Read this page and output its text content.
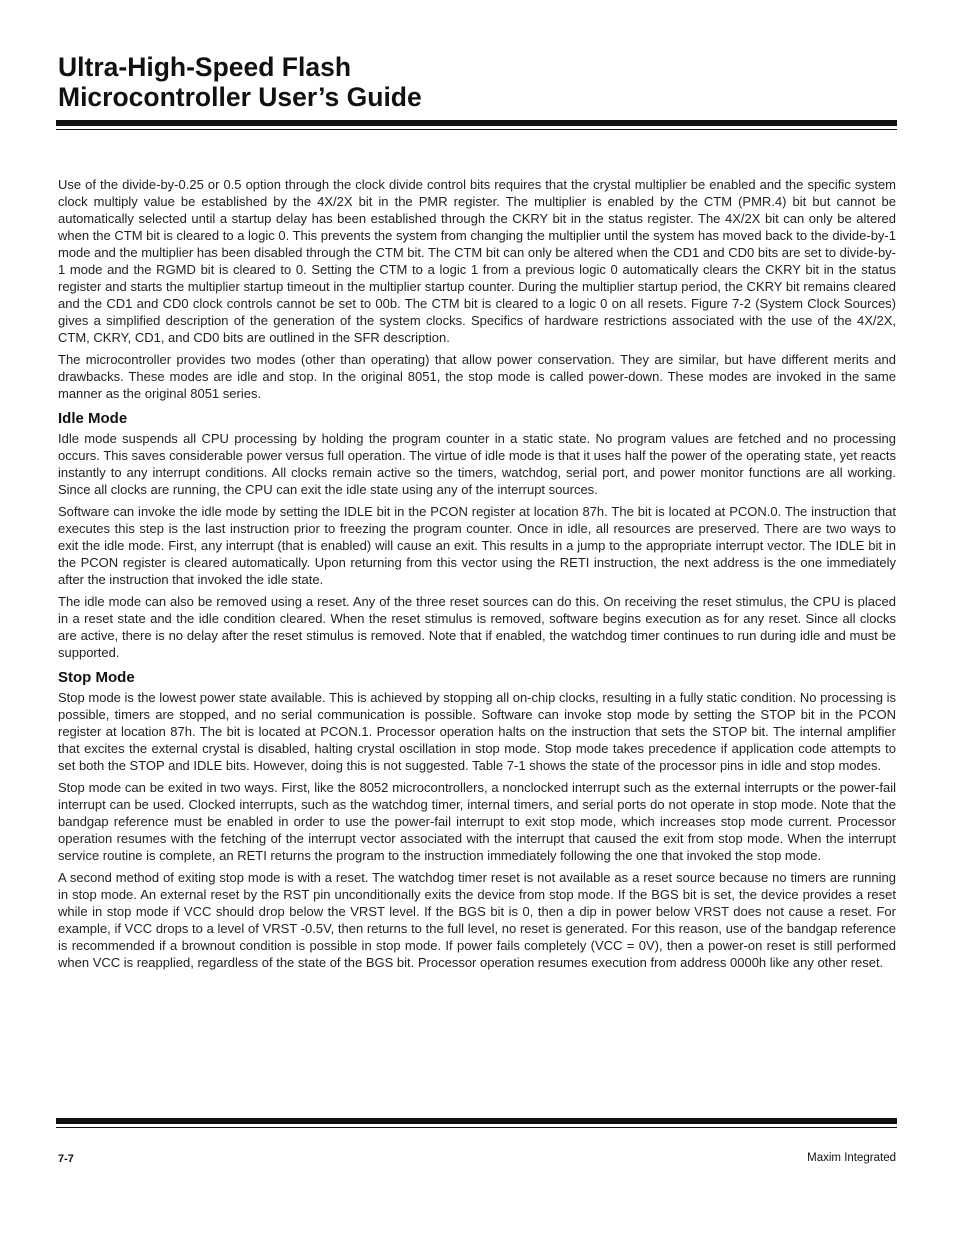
Ultra-High-Speed Flash
Microcontroller User’s Guide

Use of the divide-by-0.25 or 0.5 option through the clock divide control bits requires that the crystal multiplier be enabled and the specific system clock multiply value be established by the 4X/2X bit in the PMR register. The multiplier is enabled by the CTM (PMR.4) bit but cannot be automatically selected until a startup delay has been established through the CKRY bit in the status register. The 4X/2X bit can only be altered when the CTM bit is cleared to a logic 0. This prevents the system from changing the multiplier until the system has moved back to the divide-by-1 mode and the multiplier has been disabled through the CTM bit. The CTM bit can only be altered when the CD1 and CD0 bits are set to divide-by-1 mode and the RGMD bit is cleared to 0. Setting the CTM to a logic 1 from a previous logic 0 automatically clears the CKRY bit in the status register and starts the multiplier startup timeout in the multiplier startup counter. During the multiplier startup period, the CKRY bit remains cleared and the CD1 and CD0 clock controls cannot be set to 00b. The CTM bit is cleared to a logic 0 on all resets. Figure 7-2 (System Clock Sources) gives a simplified description of the generation of the system clocks. Specifics of hardware restrictions associated with the use of the 4X/2X, CTM, CKRY, CD1, and CD0 bits are outlined in the SFR description.

The microcontroller provides two modes (other than operating) that allow power conservation. They are similar, but have different merits and drawbacks. These modes are idle and stop. In the original 8051, the stop mode is called power-down. These modes are invoked in the same manner as the original 8051 series.

Idle Mode

Idle mode suspends all CPU processing by holding the program counter in a static state. No program values are fetched and no processing occurs. This saves considerable power versus full operation. The virtue of idle mode is that it uses half the power of the operating state, yet reacts instantly to any interrupt conditions. All clocks remain active so the timers, watchdog, serial port, and power monitor functions are all working. Since all clocks are running, the CPU can exit the idle state using any of the interrupt sources.

Software can invoke the idle mode by setting the IDLE bit in the PCON register at location 87h. The bit is located at PCON.0. The instruction that executes this step is the last instruction prior to freezing the program counter. Once in idle, all resources are preserved. There are two ways to exit the idle mode. First, any interrupt (that is enabled) will cause an exit. This results in a jump to the appropriate interrupt vector. The IDLE bit in the PCON register is cleared automatically. Upon returning from this vector using the RETI instruction, the next address is the one immediately after the instruction that invoked the idle state.

The idle mode can also be removed using a reset. Any of the three reset sources can do this. On receiving the reset stimulus, the CPU is placed in a reset state and the idle condition cleared. When the reset stimulus is removed, software begins execution as for any reset. Since all clocks are active, there is no delay after the reset stimulus is removed. Note that if enabled, the watchdog timer continues to run during idle and must be supported.

Stop Mode

Stop mode is the lowest power state available. This is achieved by stopping all on-chip clocks, resulting in a fully static condition. No processing is possible, timers are stopped, and no serial communication is possible. Software can invoke stop mode by setting the STOP bit in the PCON register at location 87h. The bit is located at PCON.1. Processor operation halts on the instruction that sets the STOP bit. The internal amplifier that excites the external crystal is disabled, halting crystal oscillation in stop mode. Stop mode takes precedence if application code attempts to set both the STOP and IDLE bits. However, doing this is not suggested. Table 7-1 shows the state of the processor pins in idle and stop modes.

Stop mode can be exited in two ways. First, like the 8052 microcontrollers, a nonclocked interrupt such as the external interrupts or the power-fail interrupt can be used. Clocked interrupts, such as the watchdog timer, internal timers, and serial ports do not operate in stop mode. Note that the bandgap reference must be enabled in order to use the power-fail interrupt to exit stop mode, which increases stop mode current. Processor operation resumes with the fetching of the interrupt vector associated with the interrupt that caused the exit from stop mode. When the interrupt service routine is complete, an RETI returns the program to the instruction immediately following the one that invoked the stop mode.

A second method of exiting stop mode is with a reset. The watchdog timer reset is not available as a reset source because no timers are running in stop mode. An external reset by the RST pin unconditionally exits the device from stop mode. If the BGS bit is set, the device provides a reset while in stop mode if VCC should drop below the VRST level. If the BGS bit is 0, then a dip in power below VRST does not cause a reset. For example, if VCC drops to a level of VRST -0.5V, then returns to the full level, no reset is generated. For this reason, use of the bandgap reference is recommended if a brownout condition is possible in stop mode. If power fails completely (VCC = 0V), then a power-on reset is still performed when VCC is reapplied, regardless of the state of the BGS bit. Processor operation resumes execution from address 0000h like any other reset.

7-7	Maxim Integrated
